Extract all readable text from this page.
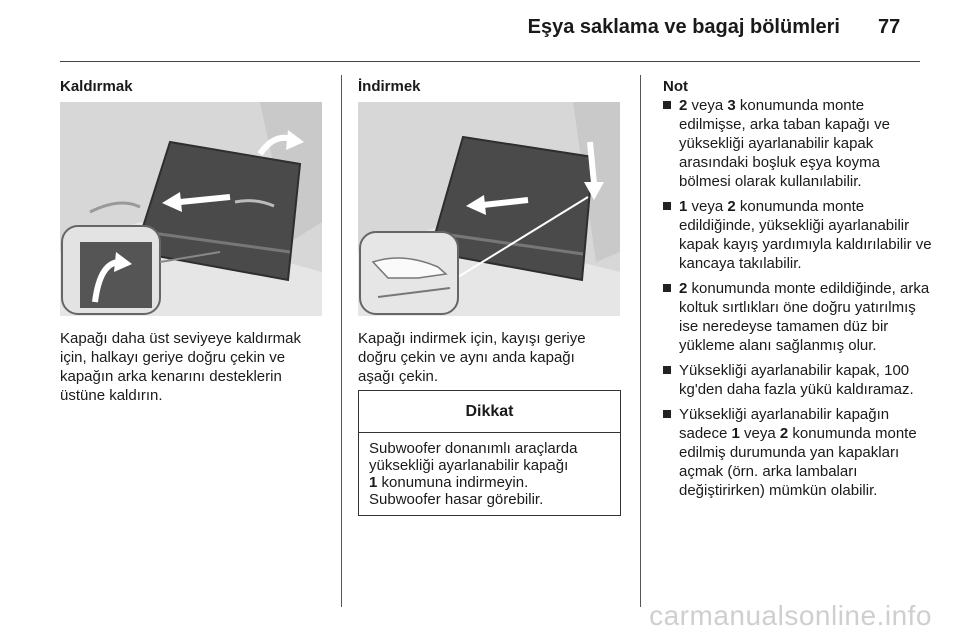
Eşya saklama ve bagaj bölümleri 77
Kaldırmak

Kapağı daha üst seviyeye kaldırmak

için, halkayı geriye doğru çekin ve

kapağın arka kenarını desteklerin

üstüne kaldırın.

İndirmek

Kapağı indirmek için, kayışı geriye

doğru çekin ve aynı anda kapağı

aşağı çekin.

Dikkat
Subwoofer donanımlı araçlarda
yüksekliği ayarlanabilir kapağı
1 konumuna indirmeyin.
Subwoofer hasar görebilir.
Not
2 veya 3 konumunda monte edilmişse, arka taban kapağı ve yüksekliği ayarlanabilir kapak arasındaki boşluk eşya koyma bölmesi olarak kullanılabilir.
1 veya 2 konumunda monte edildiğinde, yüksekliği ayarlanabilir kapak kayış yardımıyla kaldırılabilir ve kancaya takılabilir.
2 konumunda monte edildiğinde, arka koltuk sırtlıkları öne doğru yatırılmış ise neredeyse tamamen düz bir yükleme alanı sağlanmış olur.
Yüksekliği ayarlanabilir kapak, 100 kg'den daha fazla yükü kaldıramaz.
Yüksekliği ayarlanabilir kapağın sadece 1 veya 2 konumunda monte edilmiş durumunda yan kapakları açmak (örn. arka lambaları değiştirirken) mümkün olabilir.
carmanualsonline.info
